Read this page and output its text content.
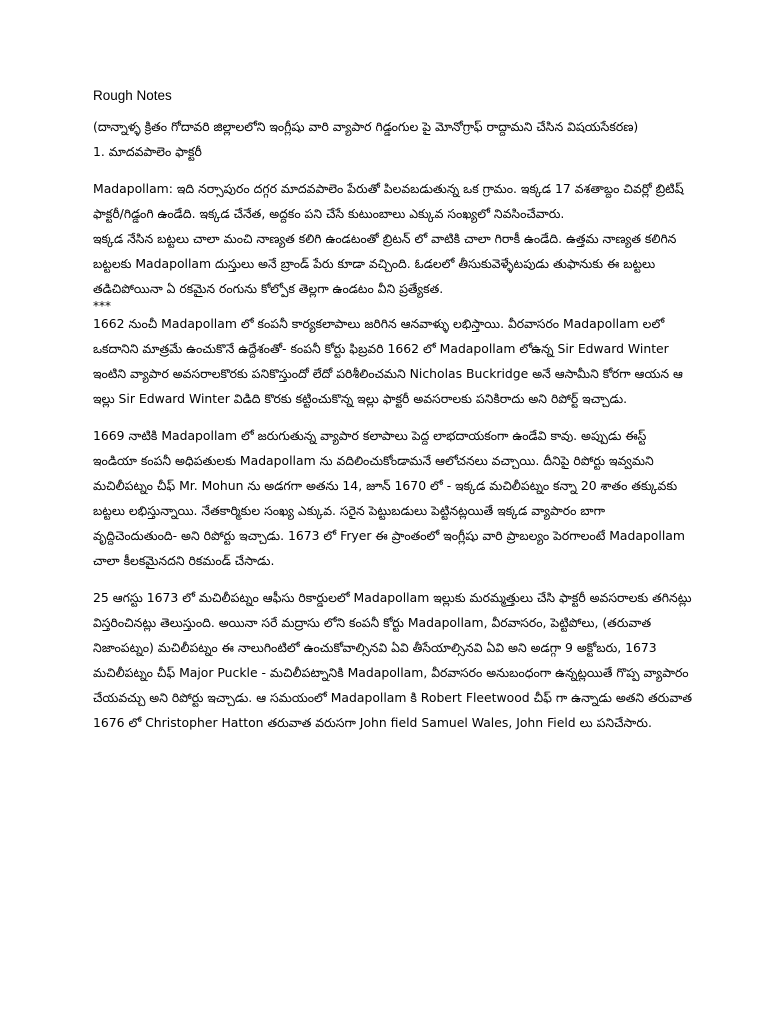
Rough Notes

(దాన్నాళ్ళ క్రితం గోదావరి జిల్లాలలోని ఇంగ్లీషు వారి వ్యాపార గిడ్డంగుల పై మోనోగ్రాఫ్ రాద్దామని చేసిన విషయసేకరణ)

1. మాదవపాలెం ఫాక్టరీ

Madapollam: ఇది నర్సాపురం దగ్గర మాదవపాలెం పేరుతో పిలవబడుతున్న ఒక గ్రామం. ఇక్కడ 17 వశతాబ్దం చివర్లో బ్రిటిష్ ఫాక్టరీ/గిడ్డంగి ఉండేది. ఇక్కడ చేనేత, అద్దకం పని చేసే కుటుంబాలు ఎక్కువ సంఖ్యలో నివసించేవారు.

ఇక్కడ నేసిన బట్టలు చాలా మంచి నాణ్యత కలిగి ఉండటంతో బ్రిటన్ లో వాటికి చాలా గిరాకీ ఉండేది. ఉత్తమ నాణ్యత కలిగిన బట్టలకు Madapollam దుస్తులు అనే బ్రాండ్ పేరు కూడా వచ్చింది. ఓడలలో తీసుకువెళ్ళేటపుడు తుఫానుకు ఈ బట్టలు తడిచిపోయినా ఏ రకమైన రంగును కోల్పోక తెల్లగా ఉండటం వీని ప్రత్యేకత.

***

1662 నుంచీ Madapollam లో కంపనీ కార్యకలాపాలు జరిగిన ఆనవాళ్ళు లభిస్తాయి. వీరవాసరం Madapollam లలో ఒకదానిని మాత్రమే ఉంచుకొనే ఉద్దేశంతో- కంపనీ కోర్టు ఫిబ్రవరి 1662 లో Madapollam లోఉన్న Sir Edward Winter ఇంటిని వ్యాపార అవసరాలకొరకు పనికొస్తుందో లేదో పరిశీలించమని Nicholas Buckridge అనే ఆసామీని కోరగా ఆయన ఆ ఇల్లు Sir Edward Winter విడిది కొరకు కట్టించుకొన్న ఇల్లు ఫాక్టరీ అవసరాలకు పనికిరాదు అని రిపోర్ట్ ఇచ్చాడు.

1669 నాటికి Madapollam లో జరుగుతున్న వ్యాపార కలాపాలు పెద్ద లాభదాయకంగా ఉండేవి కావు. అప్పుడు ఈస్ట్ ఇండియా కంపనీ అధిపతులకు Madapollam ను వదిలించుకోండామనే ఆలోచనలు వచ్చాయి. దీనిపై రిపోర్టు ఇవ్వమని మచిలీపట్నం చీఫ్ Mr. Mohun ను అడగగా అతను 14, జూన్ 1670 లో - ఇక్కడ మచిలీపట్నం కన్నా 20 శాతం తక్కువకు బట్టలు లభిస్తున్నాయి. నేతకార్మికుల సంఖ్య ఎక్కువ. సరైన పెట్టుబడులు పెట్టినట్లయితే ఇక్కడ వ్యాపారం బాగా వృద్దిచెందుతుంది- అని రిపోర్టు ఇచ్చాడు. 1673 లో Fryer ఈ ప్రాంతంలో ఇంగ్లీషు వారి ప్రాబల్యం పెరగాలంటే Madapollam చాలా కీలకమైనదని రికమండ్ చేసాడు.

25 ఆగస్టు 1673 లో మచిలీపట్నం ఆఫీసు రికార్డులలో Madapollam ఇల్లుకు మరమ్మత్తులు చేసి ఫాక్టరీ అవసరాలకు తగినట్లు విస్తరించినట్లు తెలుస్తుంది. అయినా సరే మద్రాసు లోని కంపనీ కోర్టు Madapollam, వీరవాసరం, పెట్టిపోలు, (తరువాత నిజాంపట్నం) మచిలీపట్నం ఈ నాలుగింటిలో ఉంచుకోవాల్సినవి ఏవి తీసేయాల్సినవి ఏవి అని అడగ్గా 9 అక్టోబరు, 1673 మచిలీపట్నం చీఫ్ Major Puckle - మచిలీపట్నానికి Madapollam, వీరవాసరం అనుబంధంగా ఉన్నట్లయితే గొప్ప వ్యాపారం చేయవచ్చు అని రిపోర్టు ఇచ్చాడు. ఆ సమయంలో Madapollam కి Robert Fleetwood చీఫ్ గా ఉన్నాడు అతని తరువాత 1676 లో Christopher Hatton తరువాత వరుసగా John field Samuel Wales, John Field లు పనిచేసారు.
